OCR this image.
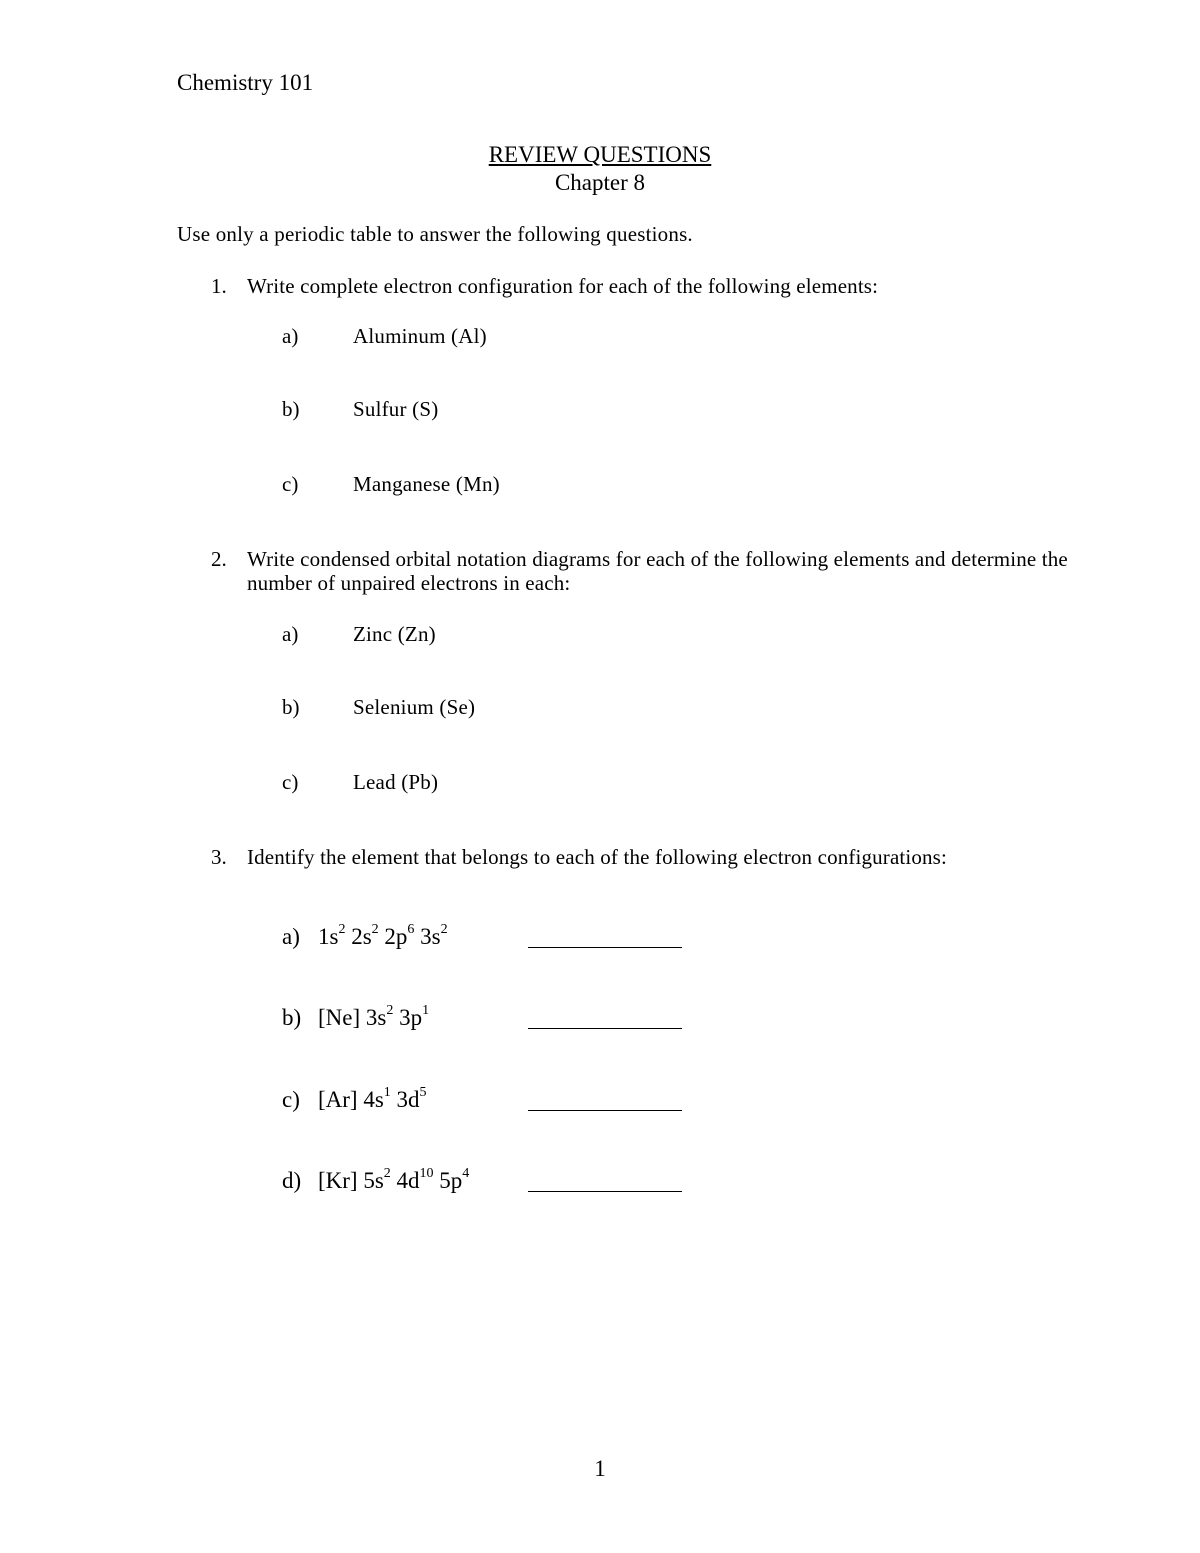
Chemistry 101
REVIEW QUESTIONS
Chapter 8
Use only a periodic table to answer the following questions.
1. Write complete electron configuration for each of the following elements:
a)	Aluminum (Al)
b)	Sulfur (S)
c)	Manganese (Mn)
2. Write condensed orbital notation diagrams for each of the following elements and determine the
number of unpaired electrons in each:
a)	Zinc (Zn)
b)	Selenium (Se)
c)	Lead (Pb)
3. Identify the element that belongs to each of the following electron configurations:
a) $1s^2$ $2s^2$ $2p^6$ $3s^2$
b) [Ne] $3s^2$ $3p^1$
c) [Ar] $4s^1$ $3d^5$
d) [Kr] $5s^2$ $4d^{10}$ $5p^4$
1
